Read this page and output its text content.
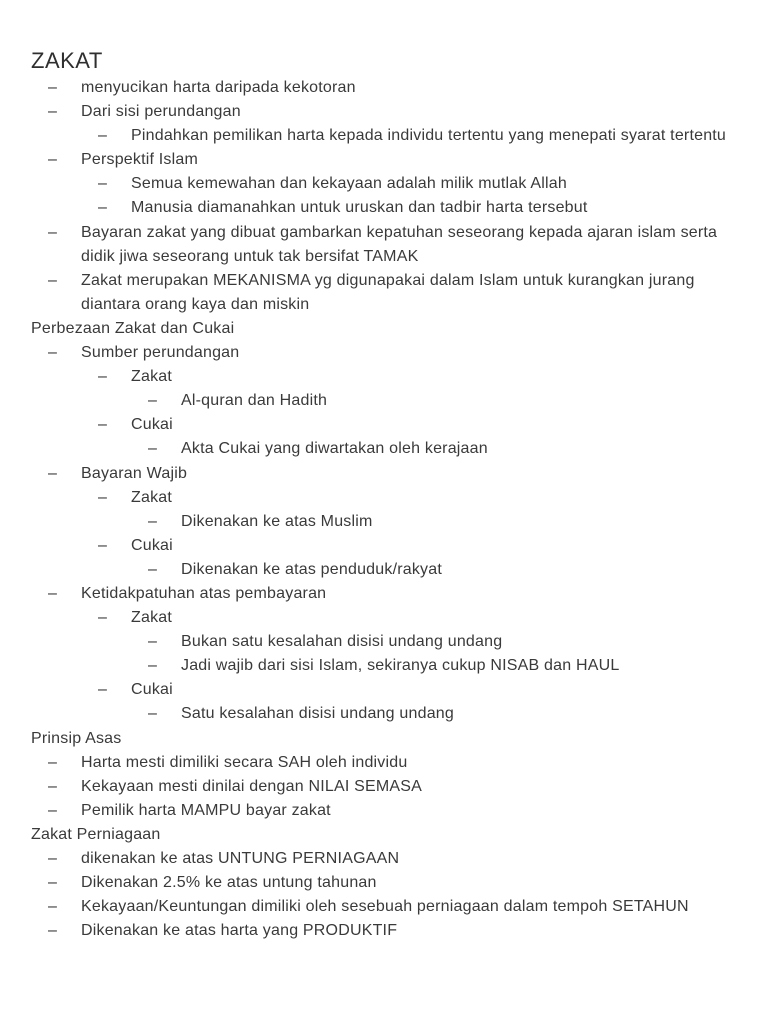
ZAKAT
– menyucikan harta daripada kekotoran
– Dari sisi perundangan
– Pindahkan pemilikan harta kepada individu tertentu yang menepati syarat tertentu
– Perspektif Islam
– Semua kemewahan dan kekayaan adalah milik mutlak Allah
– Manusia diamanahkan untuk uruskan dan tadbir harta tersebut
– Bayaran zakat yang dibuat gambarkan kepatuhan seseorang kepada ajaran islam serta didik jiwa seseorang untuk tak bersifat TAMAK
– Zakat merupakan MEKANISMA yg digunapakai dalam Islam untuk kurangkan jurang diantara orang kaya dan miskin
Perbezaan Zakat dan Cukai
– Sumber perundangan
– Zakat
– Al-quran dan Hadith
– Cukai
– Akta Cukai yang diwartakan oleh kerajaan
– Bayaran Wajib
– Zakat
– Dikenakan ke atas Muslim
– Cukai
– Dikenakan ke atas penduduk/rakyat
– Ketidakpatuhan atas pembayaran
– Zakat
– Bukan satu kesalahan disisi undang undang
– Jadi wajib dari sisi Islam, sekiranya cukup NISAB dan HAUL
– Cukai
– Satu kesalahan disisi undang undang
Prinsip Asas
– Harta mesti dimiliki secara SAH oleh individu
– Kekayaan mesti dinilai dengan NILAI SEMASA
– Pemilik harta MAMPU bayar zakat
Zakat Perniagaan
– dikenakan ke atas UNTUNG PERNIAGAAN
– Dikenakan 2.5% ke atas untung tahunan
– Kekayaan/Keuntungan dimiliki oleh sesebuah perniagaan dalam tempoh SETAHUN
– Dikenakan ke atas harta yang PRODUKTIF
